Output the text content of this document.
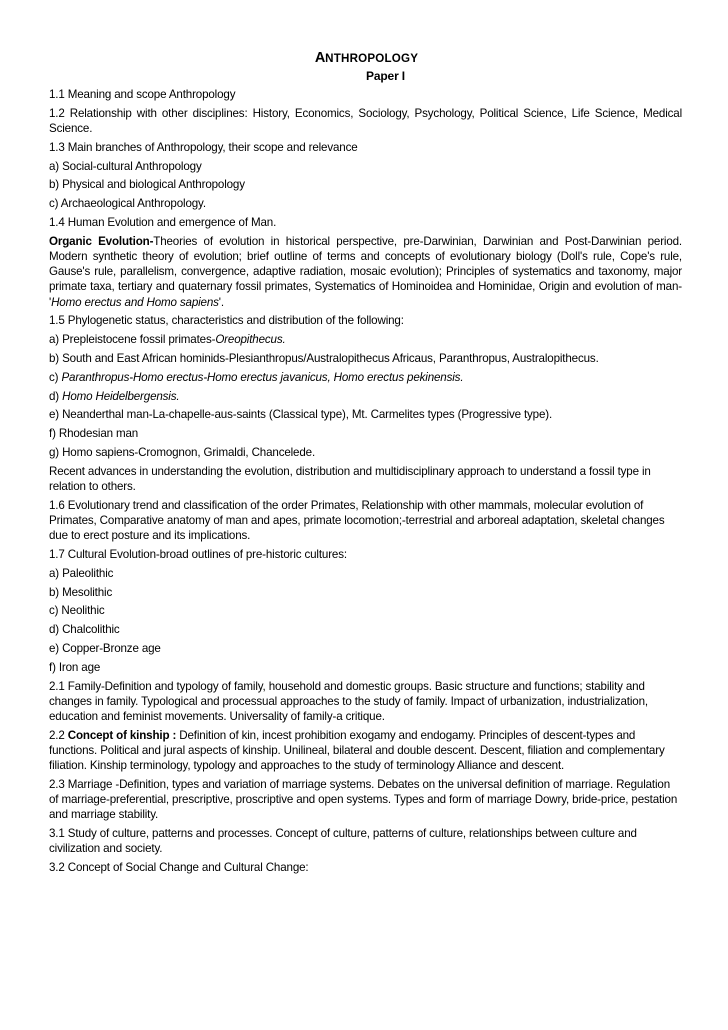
ANTHROPOLOGY
Paper I

1.1 Meaning and scope Anthropology

1.2 Relationship with other disciplines: History, Economics, Sociology, Psychology, Political Science, Life Science, Medical Science.

1.3 Main branches of Anthropology, their scope and relevance

a) Social-cultural Anthropology

b) Physical and biological Anthropology

c) Archaeological Anthropology.

1.4 Human Evolution and emergence of Man.

Organic Evolution-Theories of evolution in historical perspective, pre-Darwinian, Darwinian and Post-Darwinian period. Modern synthetic theory of evolution; brief outline of terms and concepts of evolutionary biology (Doll's rule, Cope's rule, Gause's rule, parallelism, convergence, adaptive radiation, mosaic evolution); Principles of systematics and taxonomy, major primate taxa, tertiary and quaternary fossil primates, Systematics of Hominoidea and Hominidae, Origin and evolution of man-'Homo erectus and Homo sapiens'.

1.5 Phylogenetic status, characteristics and distribution of the following:

a) Prepleistocene fossil primates-Oreopithecus.

b) South and East African hominids-Plesianthropus/Australopithecus Africaus, Paranthropus, Australopithecus.

c) Paranthropus-Homo erectus-Homo erectus javanicus, Homo erectus pekinensis.

d) Homo Heidelbergensis.

e) Neanderthal man-La-chapelle-aus-saints (Classical type), Mt. Carmelites types (Progressive type).

f) Rhodesian man

g) Homo sapiens-Cromognon, Grimaldi, Chancelede.

Recent advances in understanding the evolution, distribution and multidisciplinary approach to understand a fossil type in relation to others.

1.6 Evolutionary trend and classification of the order Primates, Relationship with other mammals, molecular evolution of Primates, Comparative anatomy of man and apes, primate locomotion;-terrestrial and arboreal adaptation, skeletal changes due to erect posture and its implications.

1.7 Cultural Evolution-broad outlines of pre-historic cultures:

a) Paleolithic

b) Mesolithic

c) Neolithic

d) Chalcolithic

e) Copper-Bronze age

f) Iron age

2.1 Family-Definition and typology of family, household and domestic groups. Basic structure and functions; stability and changes in family. Typological and processual approaches to the study of family. Impact of urbanization, industrialization, education and feminist movements. Universality of family-a critique.

2.2 Concept of kinship : Definition of kin, incest prohibition exogamy and endogamy. Principles of descent-types and functions. Political and jural aspects of kinship. Unilineal, bilateral and double descent. Descent, filiation and complementary filiation. Kinship terminology, typology and approaches to the study of terminology Alliance and descent.

2.3 Marriage -Definition, types and variation of marriage systems. Debates on the universal definition of marriage. Regulation of marriage-preferential, prescriptive, proscriptive and open systems. Types and form of marriage Dowry, bride-price, pestation and marriage stability.

3.1 Study of culture, patterns and processes. Concept of culture, patterns of culture, relationships between culture and civilization and society.

3.2 Concept of Social Change and Cultural Change:
